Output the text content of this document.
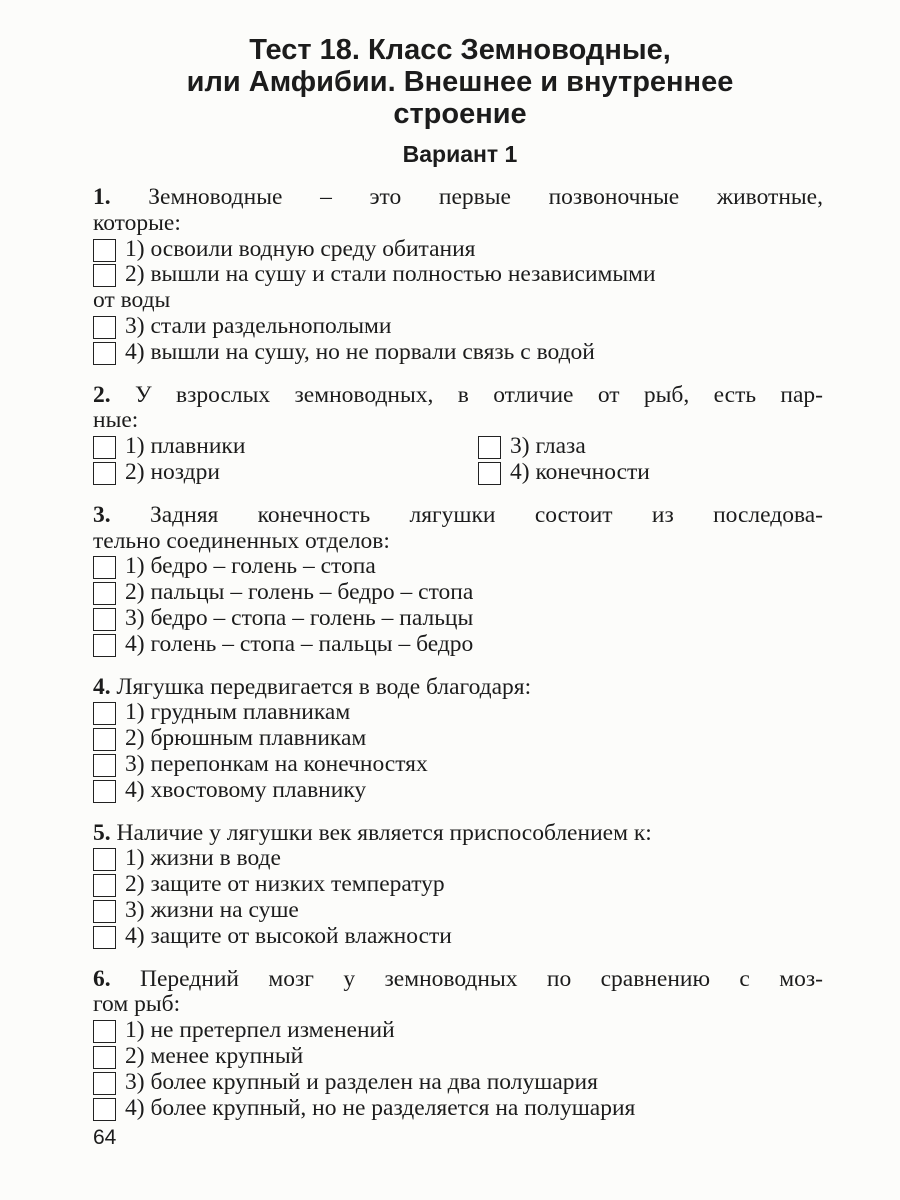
Тест 18. Класс Земноводные,
или Амфибии. Внешнее и внутреннее
строение
Вариант 1
1. Земноводные – это первые позвоночные животные,
которые:
1) освоили водную среду обитания
2) вышли на сушу и стали полностью независимыми
от воды
3) стали раздельнополыми
4) вышли на сушу, но не порвали связь с водой
2. У взрослых земноводных, в отличие от рыб, есть пар-
ные:
1) плавники	3) глаза
2) ноздри	4) конечности
3. Задняя конечность лягушки состоит из последова-
тельно соединенных отделов:
1) бедро – голень – стопа
2) пальцы – голень – бедро – стопа
3) бедро – стопа – голень – пальцы
4) голень – стопа – пальцы – бедро
4. Лягушка передвигается в воде благодаря:
1) грудным плавникам
2) брюшным плавникам
3) перепонкам на конечностях
4) хвостовому плавнику
5. Наличие у лягушки век является приспособлением к:
1) жизни в воде
2) защите от низких температур
3) жизни на суше
4) защите от высокой влажности
6. Передний мозг у земноводных по сравнению с моз-
гом рыб:
1) не претерпел изменений
2) менее крупный
3) более крупный и разделен на два полушария
4) более крупный, но не разделяется на полушария
64
